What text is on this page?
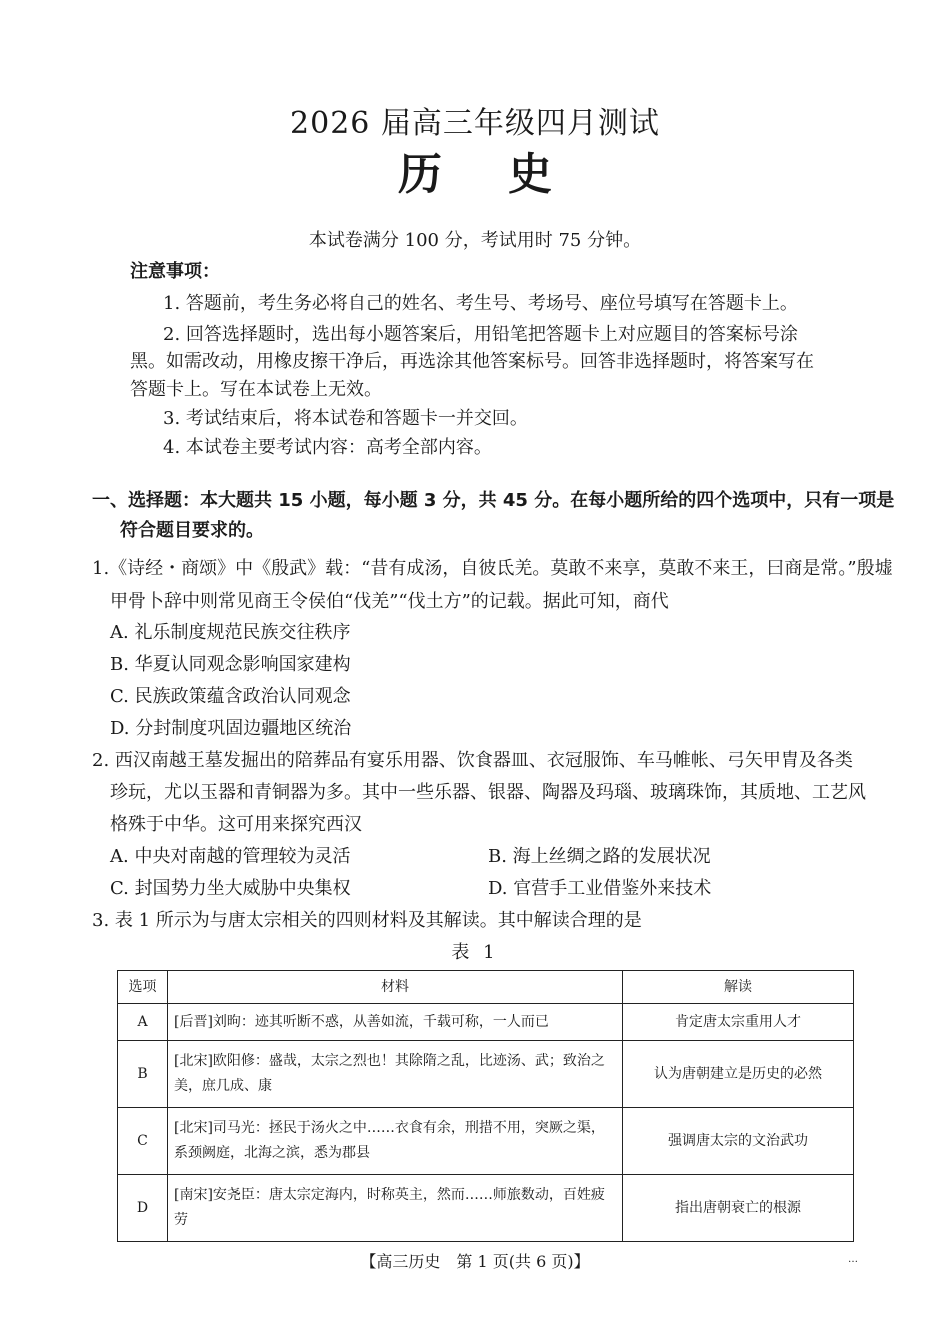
2026 届高三年级四月测试
历史
本试卷满分 100 分，考试用时 75 分钟。
注意事项：
1. 答题前，考生务必将自己的姓名、考生号、考场号、座位号填写在答题卡上。
2. 回答选择题时，选出每小题答案后，用铅笔把答题卡上对应题目的答案标号涂
黑。如需改动，用橡皮擦干净后，再选涂其他答案标号。回答非选择题时，将答案写在
答题卡上。写在本试卷上无效。
3. 考试结束后，将本试卷和答题卡一并交回。
4. 本试卷主要考试内容：高考全部内容。
一、选择题：本大题共 15 小题，每小题 3 分，共 45 分。在每小题所给的四个选项中，只有一项是
符合题目要求的。
1.《诗经・商颂》中《殷武》载：“昔有成汤，自彼氐羌。莫敢不来享，莫敢不来王，曰商是常。”殷墟
甲骨卜辞中则常见商王令侯伯“伐羌”“伐土方”的记载。据此可知，商代
A. 礼乐制度规范民族交往秩序
B. 华夏认同观念影响国家建构
C. 民族政策蕴含政治认同观念
D. 分封制度巩固边疆地区统治
2. 西汉南越王墓发掘出的陪葬品有宴乐用器、饮食器皿、衣冠服饰、车马帷帐、弓矢甲胄及各类
珍玩，尤以玉器和青铜器为多。其中一些乐器、银器、陶器及玛瑙、玻璃珠饰，其质地、工艺风
格殊于中华。这可用来探究西汉
A. 中央对南越的管理较为灵活	B. 海上丝绸之路的发展状况
C. 封国势力坐大威胁中央集权	D. 官营手工业借鉴外来技术
3. 表 1 所示为与唐太宗相关的四则材料及其解读。其中解读合理的是
表 1
选项	材料	解读
A	[后晋]刘昫：迹其听断不惑，从善如流，千载可称，一人而已	肯定唐太宗重用人才
B	[北宋]欧阳修：盛哉，太宗之烈也！其除隋之乱，比迹汤、武；致治之美，庶几成、康	认为唐朝建立是历史的必然
C	[北宋]司马光：拯民于汤火之中……衣食有余，刑措不用，突厥之渠，系颈阙庭，北海之滨，悉为郡县	强调唐太宗的文治武功
D	[南宋]安尧臣：唐太宗定海内，时称英主，然而……师旅数动，百姓疲劳	指出唐朝衰亡的根源
【高三历史　第 1 页(共 6 页)】	…
